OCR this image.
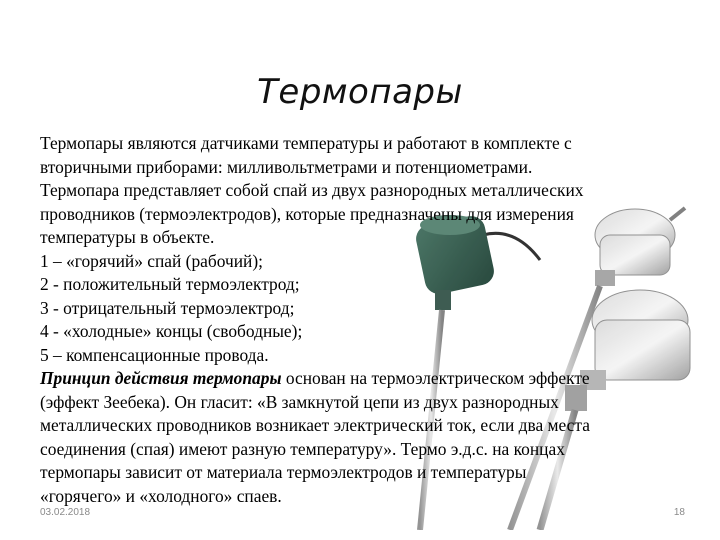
Термопары
Термопары являются датчиками температуры и работают в комплекте с
вторичными приборами: милливольтметрами и потенциометрами.
Термопара представляет собой спай из двух разнородных металлических
проводников (термоэлектродов), которые предназначены для измерения
температуры в объекте.
1 – «горячий» спай (рабочий);
2 - положительный термоэлектрод;
3 - отрицательный термоэлектрод;
4 - «холодные» концы (свободные);
5 – компенсационные провода.
Принцип действия термопары основан на термоэлектрическом эффекте
(эффект Зеебека). Он гласит: «В замкнутой цепи из двух разнородных
металлических проводников возникает электрический ток, если два места
соединения (спая) имеют разную температуру». Термо э.д.с. на концах
термопары зависит от материала термоэлектродов и температуры
«горячего» и «холодного» спаев.
03.02.2018	18
